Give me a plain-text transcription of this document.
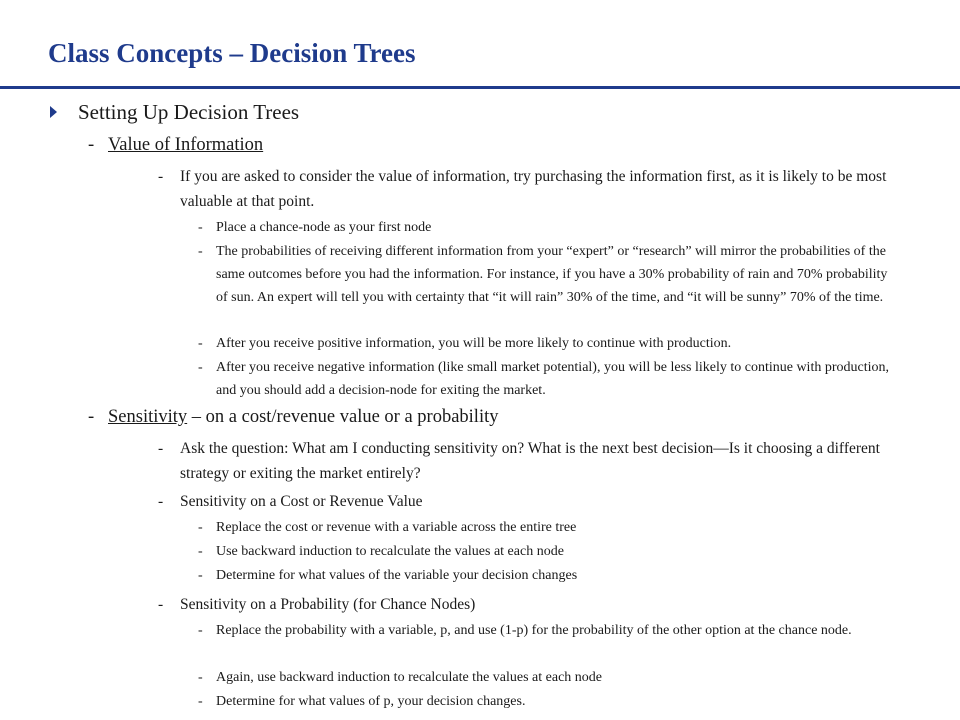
Class Concepts – Decision Trees
Setting Up Decision Trees
- Value of Information
- If you are asked to consider the value of information, try purchasing the information first, as it is likely to be most valuable at that point.
- Place a chance-node as your first node
- The probabilities of receiving different information from your “expert” or “research” will mirror the probabilities of the same outcomes before you had the information. For instance, if you have a 30% probability of rain and 70% probability of sun. An expert will tell you with certainty that “it will rain” 30% of the time, and “it will be sunny” 70% of the time.
- After you receive positive information, you will be more likely to continue with production.
- After you receive negative information (like small market potential), you will be less likely to continue with production, and you should add a decision-node for exiting the market.
- Sensitivity – on a cost/revenue value or a probability
- Ask the question: What am I conducting sensitivity on? What is the next best decision—Is it choosing a different strategy or exiting the market entirely?
- Sensitivity on a Cost or Revenue Value
- Replace the cost or revenue with a variable across the entire tree
- Use backward induction to recalculate the values at each node
- Determine for what values of the variable your decision changes
- Sensitivity on a Probability (for Chance Nodes)
- Replace the probability with a variable, p, and use (1-p) for the probability of the other option at the chance node.
- Again, use backward induction to recalculate the values at each node
- Determine for what values of p, your decision changes.
